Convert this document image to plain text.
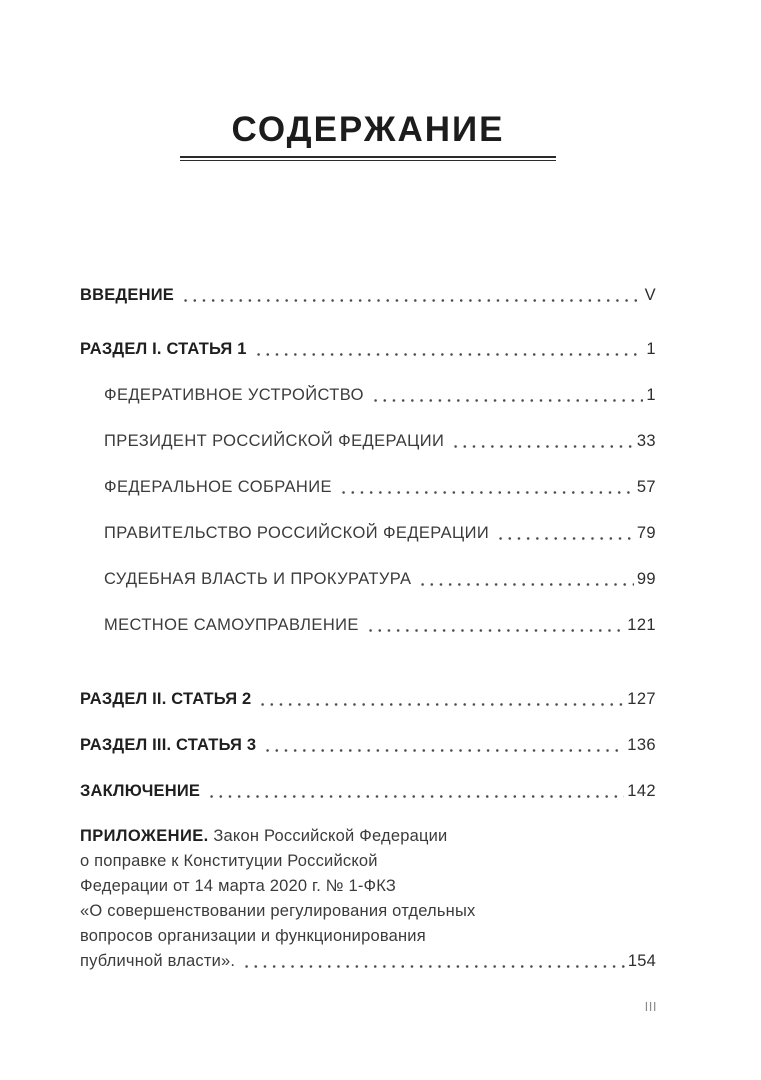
СОДЕРЖАНИЕ
ВВЕДЕНИЕ	V
РАЗДЕЛ I. СТАТЬЯ 1	1
ФЕДЕРАТИВНОЕ УСТРОЙСТВО	1
ПРЕЗИДЕНТ РОССИЙСКОЙ ФЕДЕРАЦИИ	33
ФЕДЕРАЛЬНОЕ СОБРАНИЕ	57
ПРАВИТЕЛЬСТВО РОССИЙСКОЙ ФЕДЕРАЦИИ	79
СУДЕБНАЯ ВЛАСТЬ И ПРОКУРАТУРА	99
МЕСТНОЕ САМОУПРАВЛЕНИЕ	121
РАЗДЕЛ II. СТАТЬЯ 2	127
РАЗДЕЛ III. СТАТЬЯ 3	136
ЗАКЛЮЧЕНИЕ	142
ПРИЛОЖЕНИЕ. Закон Российской Федерации
о поправке к Конституции Российской
Федерации от 14 марта 2020 г. № 1-ФКЗ
«О совершенствовании регулирования отдельных
вопросов организации и функционирования
публичной власти».	154
III
